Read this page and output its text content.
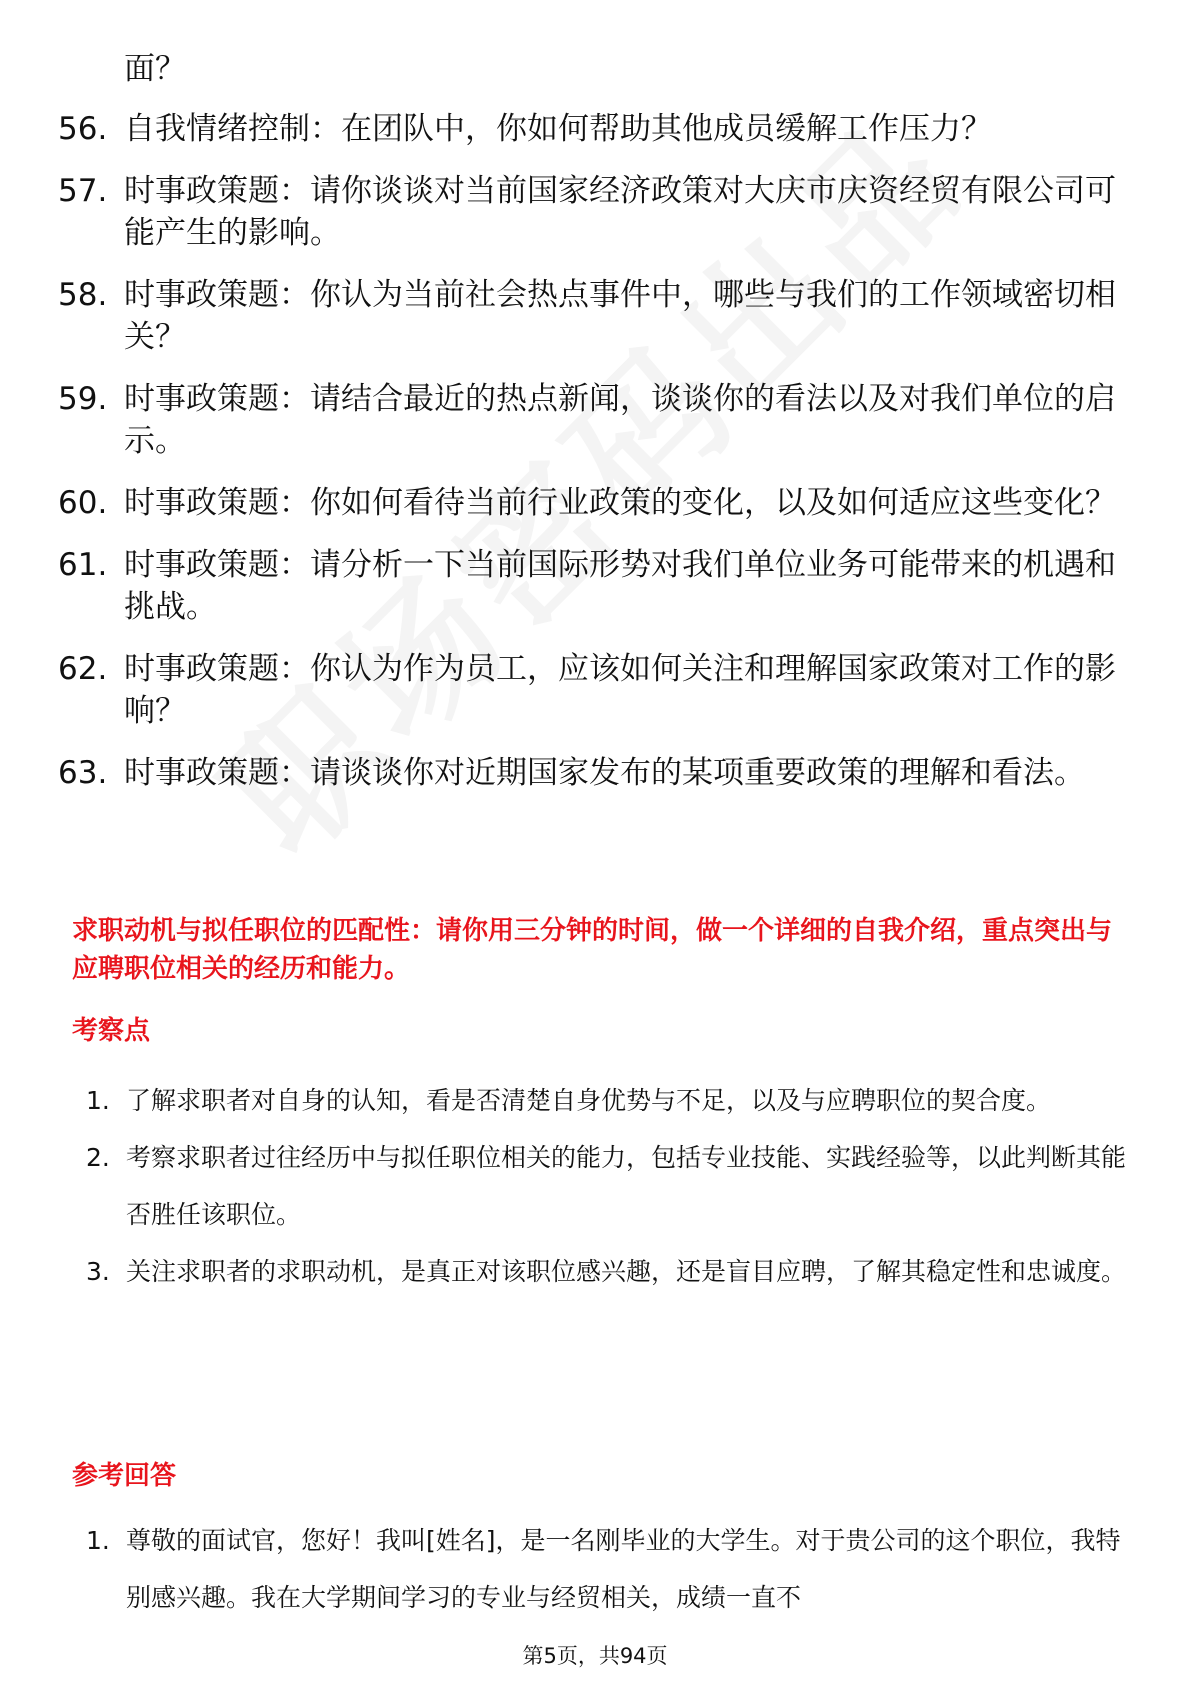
面？
56. 自我情绪控制：在团队中，你如何帮助其他成员缓解工作压力？
57. 时事政策题：请你谈谈对当前国家经济政策对大庆市庆资经贸有限公司可能产生的影响。
58. 时事政策题：你认为当前社会热点事件中，哪些与我们的工作领域密切相关？
59. 时事政策题：请结合最近的热点新闻，谈谈你的看法以及对我们单位的启示。
60. 时事政策题：你如何看待当前行业政策的变化，以及如何适应这些变化？
61. 时事政策题：请分析一下当前国际形势对我们单位业务可能带来的机遇和挑战。
62. 时事政策题：你认为作为员工，应该如何关注和理解国家政策对工作的影响？
63. 时事政策题：请谈谈你对近期国家发布的某项重要政策的理解和看法。
求职动机与拟任职位的匹配性：请你用三分钟的时间，做一个详细的自我介绍，重点突出与应聘职位相关的经历和能力。
考察点
1. 了解求职者对自身的认知，看是否清楚自身优势与不足，以及与应聘职位的契合度。
2. 考察求职者过往经历中与拟任职位相关的能力，包括专业技能、实践经验等，以此判断其能否胜任该职位。
3. 关注求职者的求职动机，是真正对该职位感兴趣，还是盲目应聘，了解其稳定性和忠诚度。
参考回答
1. 尊敬的面试官，您好！我叫[姓名]，是一名刚毕业的大学生。对于贵公司的这个职位，我特别感兴趣。我在大学期间学习的专业与经贸相关，成绩一直不
第5页，共94页
